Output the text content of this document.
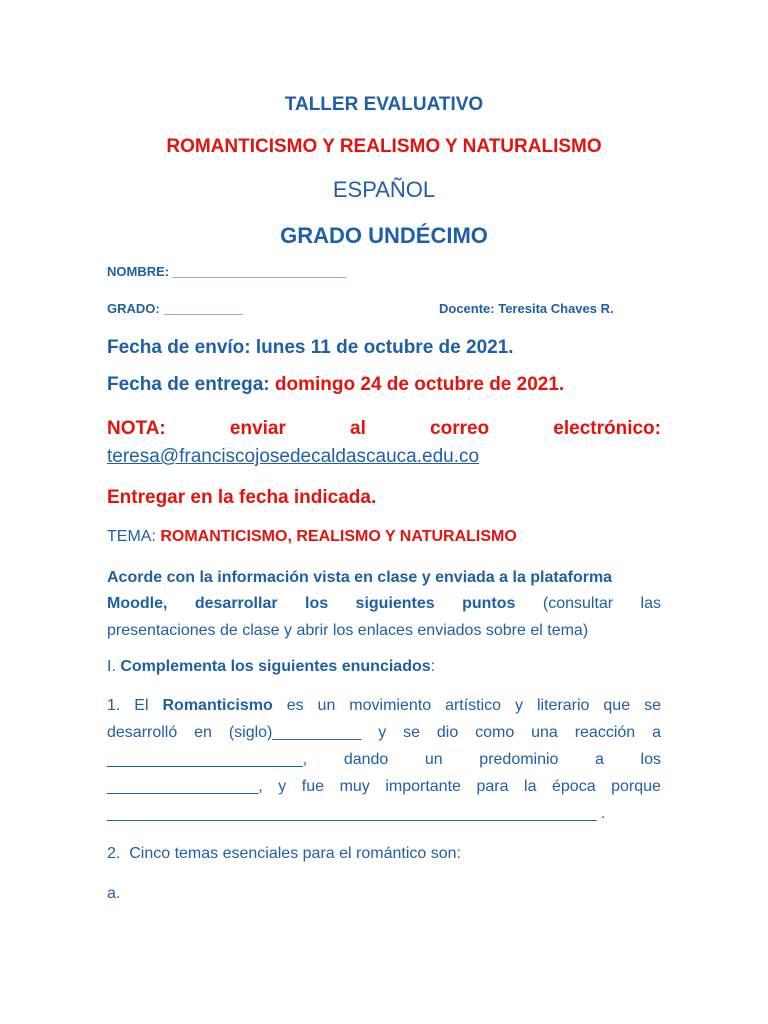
TALLER EVALUATIVO
ROMANTICISMO Y REALISMO Y NATURALISMO
ESPAÑOL
GRADO UNDÉCIMO
NOMBRE: ________________________
GRADO: ___________	Docente: Teresita Chaves R.
Fecha de envío: lunes 11 de octubre de 2021.
Fecha de entrega: domingo 24 de octubre de 2021.
NOTA:	enviar	al	correo	electrónico:
teresa@franciscojosedecaldascauca.edu.co
Entregar en la fecha indicada.
TEMA: ROMANTICISMO, REALISMO Y NATURALISMO
Acorde con la información vista en clase y enviada a la plataforma
Moodle, desarrollar los siguientes puntos (consultar las
presentaciones de clase y abrir los enlaces enviados sobre el tema)
I. Complementa los siguientes enunciados:
1. El Romanticismo es un movimiento artístico y literario que se
desarrolló en (siglo)__________ y se dio como una reacción a
______________________, dando un predominio a los
_________________, y fue muy importante para la época porque
_______________________________________________________ .
2.  Cinco temas esenciales para el romántico son:
a.
